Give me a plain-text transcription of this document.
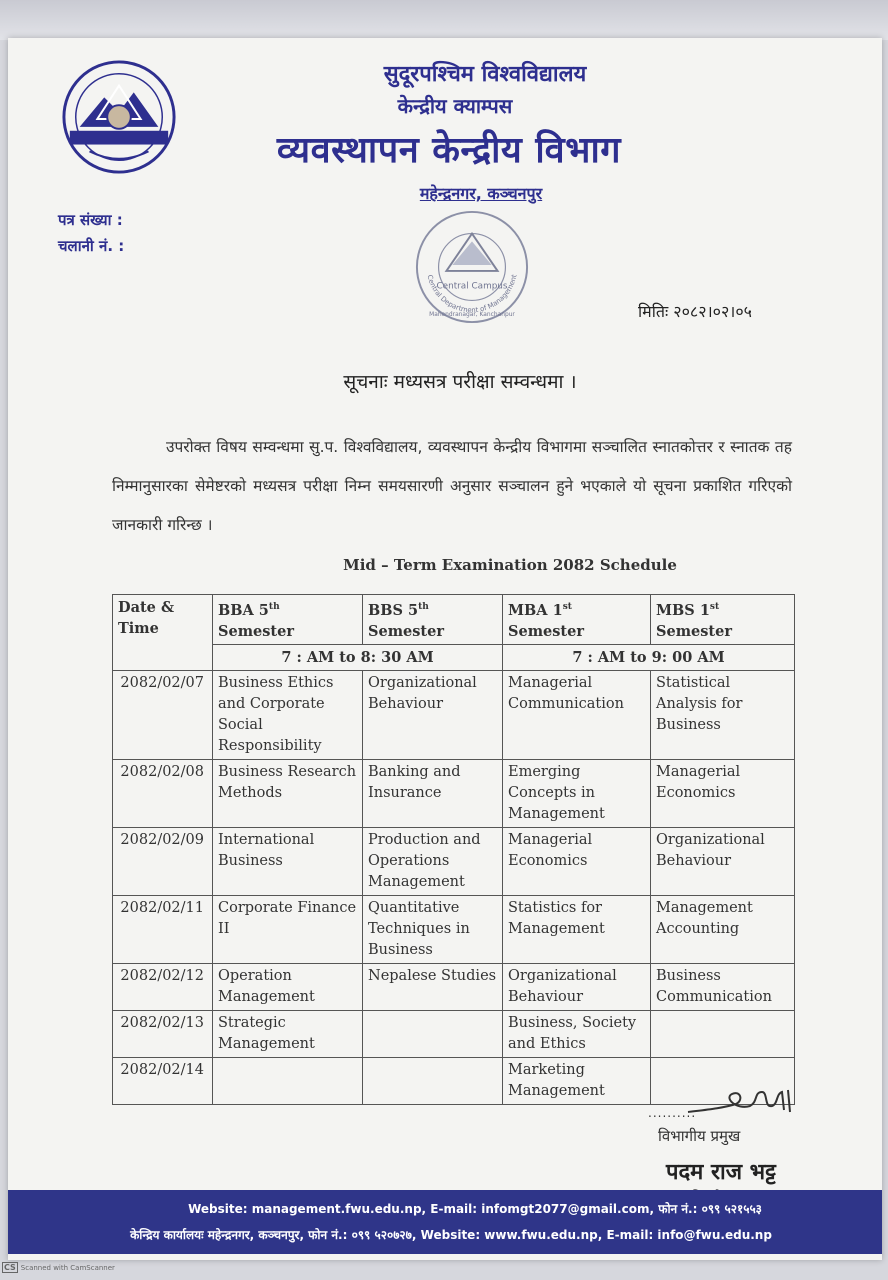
सुदूरपश्चिम विश्वविद्यालय
केन्द्रीय क्याम्पस
व्यवस्थापन केन्द्रीय विभाग
महेन्द्रनगर, कञ्चनपुर
पत्र संख्या :
चलानी नं. :
Central Department of Management
Central Campus
Mahendranagar, Kanchanpur	मितिः २०८२।०२।०५
सूचनाः मध्यसत्र परीक्षा सम्वन्धमा ।
उपरोक्त विषय सम्वन्धमा सु.प. विश्वविद्यालय, व्यवस्थापन केन्द्रीय विभागमा सञ्चालित स्नातकोत्तर र स्नातक तह निम्मानुसारका सेमेष्टरको मध्यसत्र परीक्षा निम्न समयसारणी अनुसार सञ्चालन हुने भएकाले यो सूचना प्रकाशित गरिएको जानकारी गरिन्छ ।
Mid – Term Examination 2082 Schedule
Date & Time	BBA 5th Semester	BBS 5th Semester	MBA 1st Semester	MBS 1st Semester
	7 : AM to 8: 30 AM		7 : AM to 9: 00 AM	
2082/02/07	Business Ethics and Corporate Social Responsibility	Organizational Behaviour	Managerial Communication	Statistical Analysis for Business
2082/02/08	Business Research Methods	Banking and Insurance	Emerging Concepts in Management	Managerial Economics
2082/02/09	International Business	Production and Operations Management	Managerial Economics	Organizational Behaviour
2082/02/11	Corporate Finance II	Quantitative Techniques in Business	Statistics for Management	Management Accounting
2082/02/12	Operation Management	Nepalese Studies	Organizational Behaviour	Business Communication
2082/02/13	Strategic Management		Business, Society and Ethics	
2082/02/14			Marketing Management	
..........
विभागीय प्रमुख
पदम राज भट्ट
Website: management.fwu.edu.np, E-mail: infomgt2077@gmail.com, फोन नं.: ०९९ ५२१५५३
केन्द्रिय कार्यालयः महेन्द्रनगर, कञ्चनपुर, फोन नं.: ०९९ ५२०७२७, Website: www.fwu.edu.np, E-mail: info@fwu.edu.np
CS Scanned with CamScanner
